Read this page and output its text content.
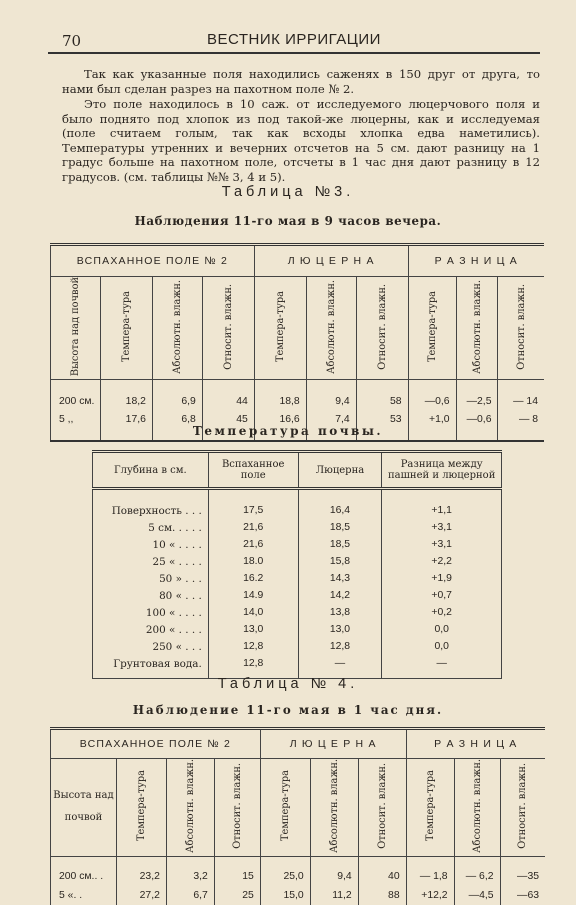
70	ВЕСТНИК ИРРИГАЦИИ
Так как указанные поля находились саженях в 150 друг от друга, то нами был сделан разрез на пахотном поле № 2.
Это поле находилось в 10 саж. от исследуемого люцерчового поля и было поднято под хлопок из под такой-же люцерны, как и исследуемая (поле считаем голым, так как всходы хлопка едва наметились). Температуры утренних и вечерних отсчетов на 5 см. дают разницу на 1 градус больше на пахотном поле, отсчеты в 1 час дня дают разницу в 12 градусов. (см. таблицы №№ 3, 4 и 5).
Таблица №3.
Наблюдения 11-го мая в 9 часов вечера.
ВСПАХАННОЕ ПОЛЕ № 2				Л Ю Ц Е Р Н А			Р А З Н И Ц А		
Высота над почвой	Темпера-тура	Абсолютн. влажн.	Относит. влажн.	Темпера-тура	Абсолютн. влажн.	Относит. влажн.	Темпера-тура	Абсолютн. влажн.	Относит. влажн.

200 см.	18,2	6,9	44	18,8	9,4	58	—0,6	—2,5	— 14
5 ,,	17,6	6,8	45	16,6	7,4	53	+1,0	—0,6	— 8

Температура почвы.
Глубина в см.	Вспаханное поле	Люцерна	Разница между пашней и люцерной

Поверхность . . .	17,5	16,4	+1,1
5 см. . . . .	21,6	18,5	+3,1
10 « . . . .	21,6	18,5	+3,1
25 « . . . .	18.0	15,8	+2,2
50 » . . .	16.2	14,3	+1,9
80 « . . .	14.9	14,2	+0,7
100 « . . . .	14,0	13,8	+0,2
200 « . . . .	13,0	13,0	0,0
250 « . . .	12,8	12,8	0,0
Грунтовая вода.	12,8	—	—

Таблица № 4.
Наблюдение 11-го мая в 1 час дня.
ВСПАХАННОЕ ПОЛЕ № 2				Л Ю Ц Е Р Н А			Р А З Н И Ц А		
Высота над почвой	Темпера-тура	Абсолютн. влажн.	Относит. влажн.	Темпера-тура	Абсолютн. влажн.	Относит. влажн.	Темпера-тура	Абсолютн. влажн.	Относит. влажн.

200 см.. .	23,2	3,2	15	25,0	9,4	40	— 1,8	— 6,2	—35
5 «. .	27,2	6,7	25	15,0	11,2	88	+12,2	—4,5	—63
